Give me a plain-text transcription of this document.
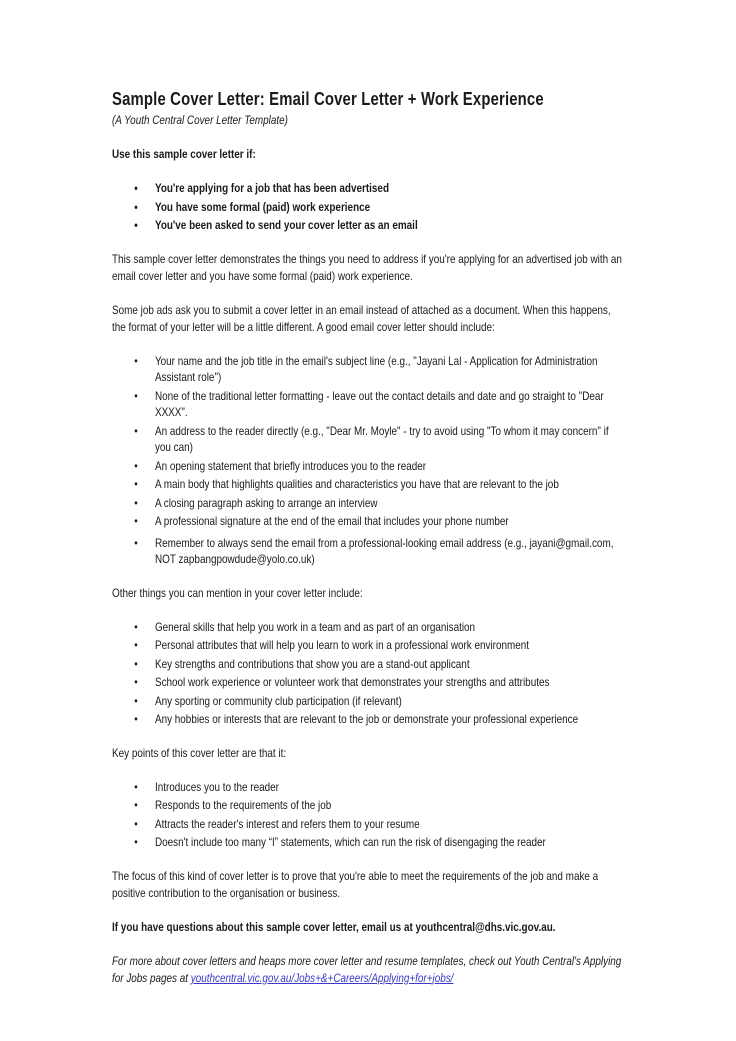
Sample Cover Letter: Email Cover Letter + Work Experience
(A Youth Central Cover Letter Template)
Use this sample cover letter if:
• You're applying for a job that has been advertised
• You have some formal (paid) work experience
• You've been asked to send your cover letter as an email

This sample cover letter demonstrates the things you need to address if you're applying for an advertised job with an email cover letter and you have some formal (paid) work experience.

Some job ads ask you to submit a cover letter in an email instead of attached as a document. When this happens, the format of your letter will be a little different. A good email cover letter should include:

• Your name and the job title in the email's subject line (e.g., "Jayani Lal - Application for Administration Assistant role")
• None of the traditional letter formatting - leave out the contact details and date and go straight to "Dear XXXX".
• An address to the reader directly (e.g., "Dear Mr. Moyle" - try to avoid using "To whom it may concern" if you can)
• An opening statement that briefly introduces you to the reader
• A main body that highlights qualities and characteristics you have that are relevant to the job
• A closing paragraph asking to arrange an interview
• A professional signature at the end of the email that includes your phone number
• Remember to always send the email from a professional-looking email address (e.g., jayani@gmail.com, NOT zapbangpowdude@yolo.co.uk)

Other things you can mention in your cover letter include:

• General skills that help you work in a team and as part of an organisation
• Personal attributes that will help you learn to work in a professional work environment
• Key strengths and contributions that show you are a stand-out applicant
• School work experience or volunteer work that demonstrates your strengths and attributes
• Any sporting or community club participation (if relevant)
• Any hobbies or interests that are relevant to the job or demonstrate your professional experience

Key points of this cover letter are that it:

• Introduces you to the reader
• Responds to the requirements of the job
• Attracts the reader's interest and refers them to your resume
• Doesn't include too many “I” statements, which can run the risk of disengaging the reader

The focus of this kind of cover letter is to prove that you're able to meet the requirements of the job and make a positive contribution to the organisation or business.

If you have questions about this sample cover letter, email us at youthcentral@dhs.vic.gov.au.

For more about cover letters and heaps more cover letter and resume templates, check out Youth Central's Applying for Jobs pages at youthcentral.vic.gov.au/Jobs+&+Careers/Applying+for+jobs/
